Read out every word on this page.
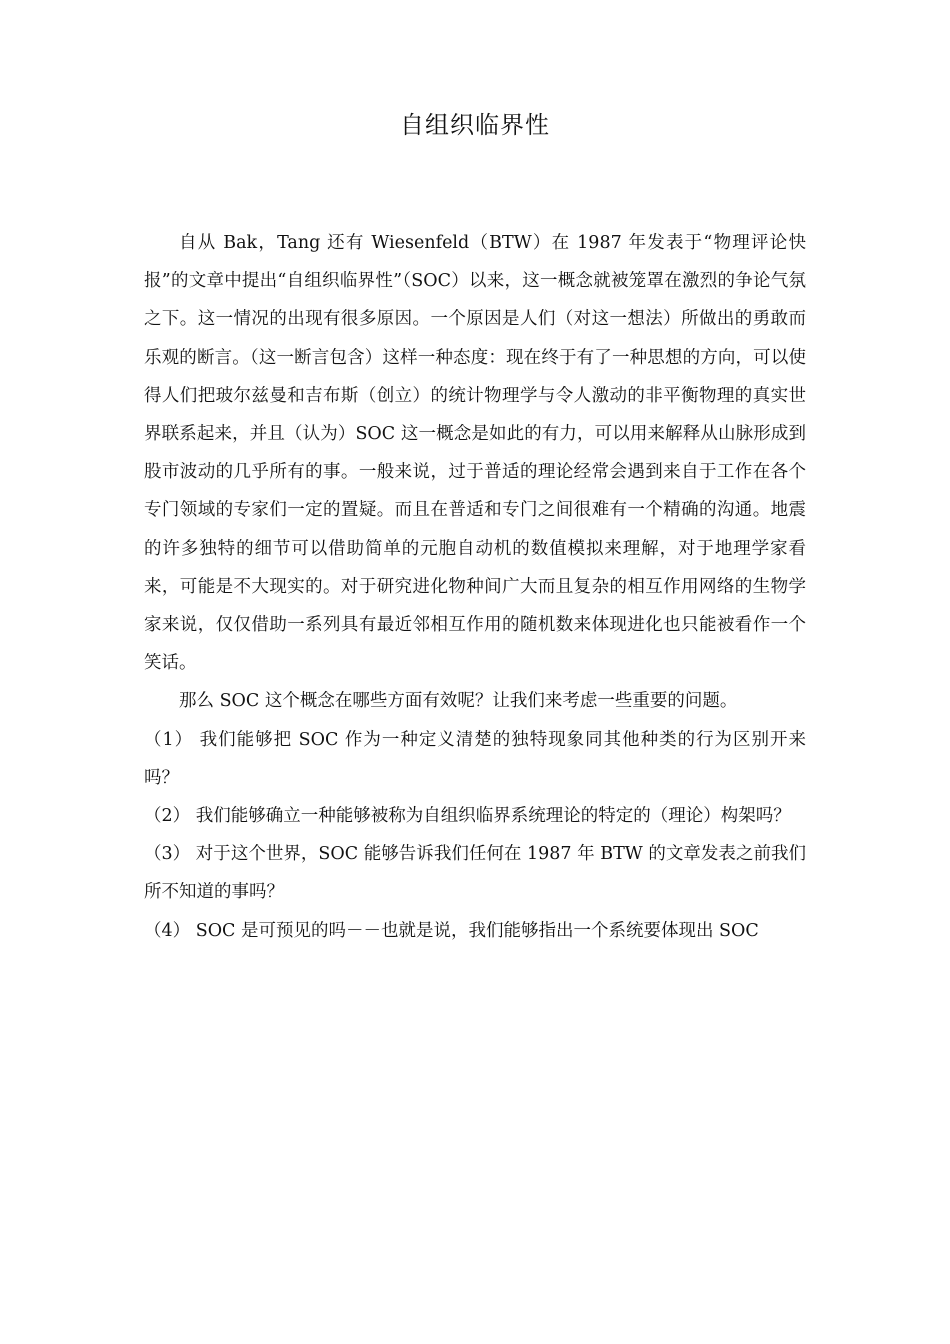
自组织临界性

自从 Bak，Tang 还有 Wiesenfeld（BTW）在 1987 年发表于“物理评论快报”的文章中提出“自组织临界性”（SOC）以来，这一概念就被笼罩在激烈的争论气氛之下。这一情况的出现有很多原因。一个原因是人们（对这一想法）所做出的勇敢而乐观的断言。（这一断言包含）这样一种态度：现在终于有了一种思想的方向，可以使得人们把玻尔兹曼和吉布斯（创立）的统计物理学与令人激动的非平衡物理的真实世界联系起来，并且（认为）SOC 这一概念是如此的有力，可以用来解释从山脉形成到股市波动的几乎所有的事。一般来说，过于普适的理论经常会遇到来自于工作在各个专门领域的专家们一定的置疑。而且在普适和专门之间很难有一个精确的沟通。地震的许多独特的细节可以借助简单的元胞自动机的数值模拟来理解，对于地理学家看来，可能是不大现实的。对于研究进化物种间广大而且复杂的相互作用网络的生物学家来说，仅仅借助一系列具有最近邻相互作用的随机数来体现进化也只能被看作一个笑话。

那么 SOC 这个概念在哪些方面有效呢？让我们来考虑一些重要的问题。

（1） 我们能够把 SOC 作为一种定义清楚的独特现象同其他种类的行为区别开来吗？

（2） 我们能够确立一种能够被称为自组织临界系统理论的特定的（理论）构架吗？

（3） 对于这个世界，SOC 能够告诉我们任何在 1987 年 BTW 的文章发表之前我们所不知道的事吗？

（4） SOC 是可预见的吗－－也就是说，我们能够指出一个系统要体现出 SOC
